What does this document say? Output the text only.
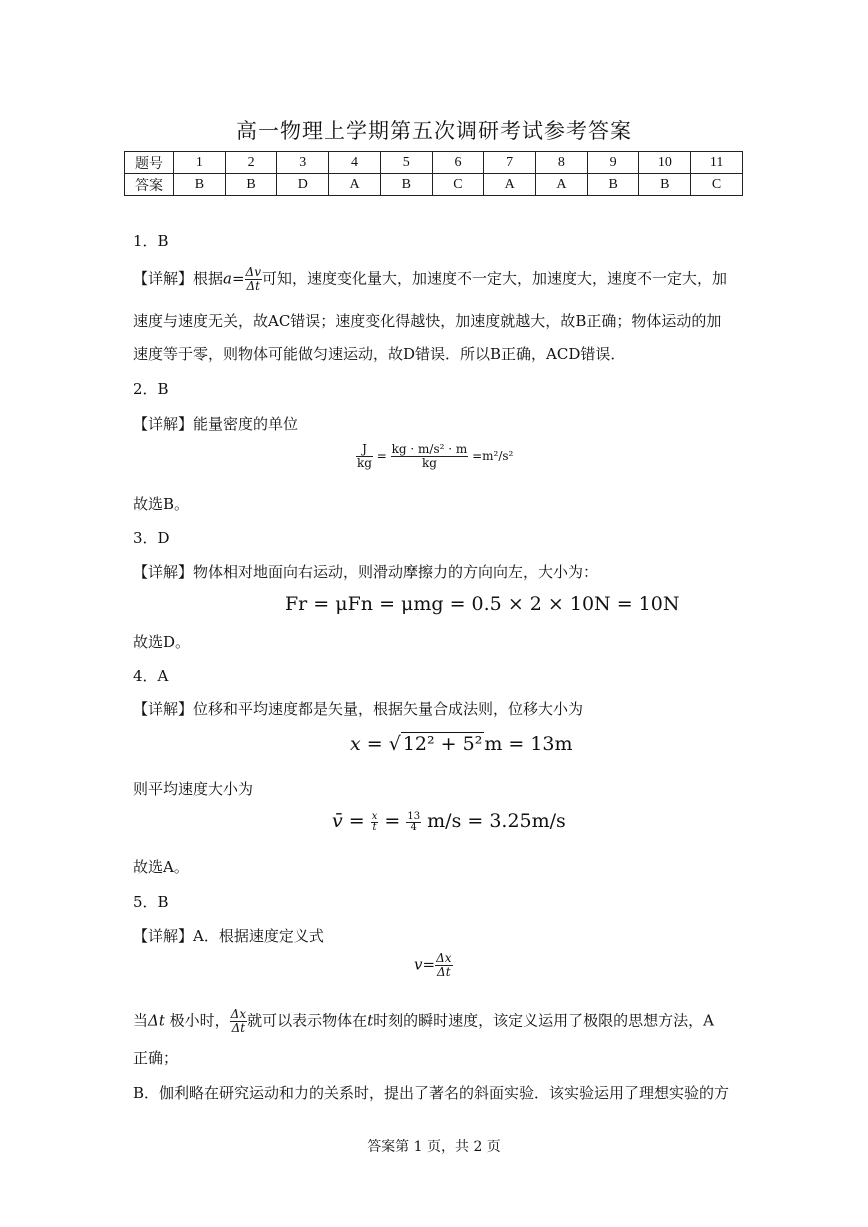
高一物理上学期第五次调研考试参考答案
题号	1	2	3	4	5	6	7	8	9	10	11
答案	B	B	D	A	B	C	A	A	B	B	C
1．B
【详解】根据$a= \frac{\Delta v}{\Delta t}$ 可知，速度变化量大，加速度不一定大，加速度大，速度不一定大，加
速度与速度无关，故AC错误；速度变化得越快，加速度就越大，故B正确；物体运动的加
速度等于零，则物体可能做匀速运动，故D错误．所以B正确，ACD错误．
2．B
【详解】能量密度的单位
$\frac{J}{kg} = \frac{\text{kg · m/s² · m}}{kg} =m^2/s^2$
故选B。
3．D
【详解】物体相对地面向右运动，则滑动摩擦力的方向向左，大小为：
Fr = μFn = μmg = 0.5 × 2 × 10N = 10N
故选D。
4．A
【详解】位移和平均速度都是矢量，根据矢量合成法则，位移大小为
x = √ 12² + 5² m = 13m
则平均速度大小为
v̄ = $\frac{x}{t} = \frac{13}{4} m/s = 3.25m/s$
故选A。
5．B
【详解】A．根据速度定义式
$v= \frac{\Delta x}{\Delta t}$
当Δt 极小时， $\frac{\Delta x}{\Delta t}$ 就可以表示物体在t时刻的瞬时速度，该定义运用了极限的思想方法，A
正确；
B．伽利略在研究运动和力的关系时，提出了著名的斜面实验．该实验运用了理想实验的方
答案第 1 页，共 2 页
